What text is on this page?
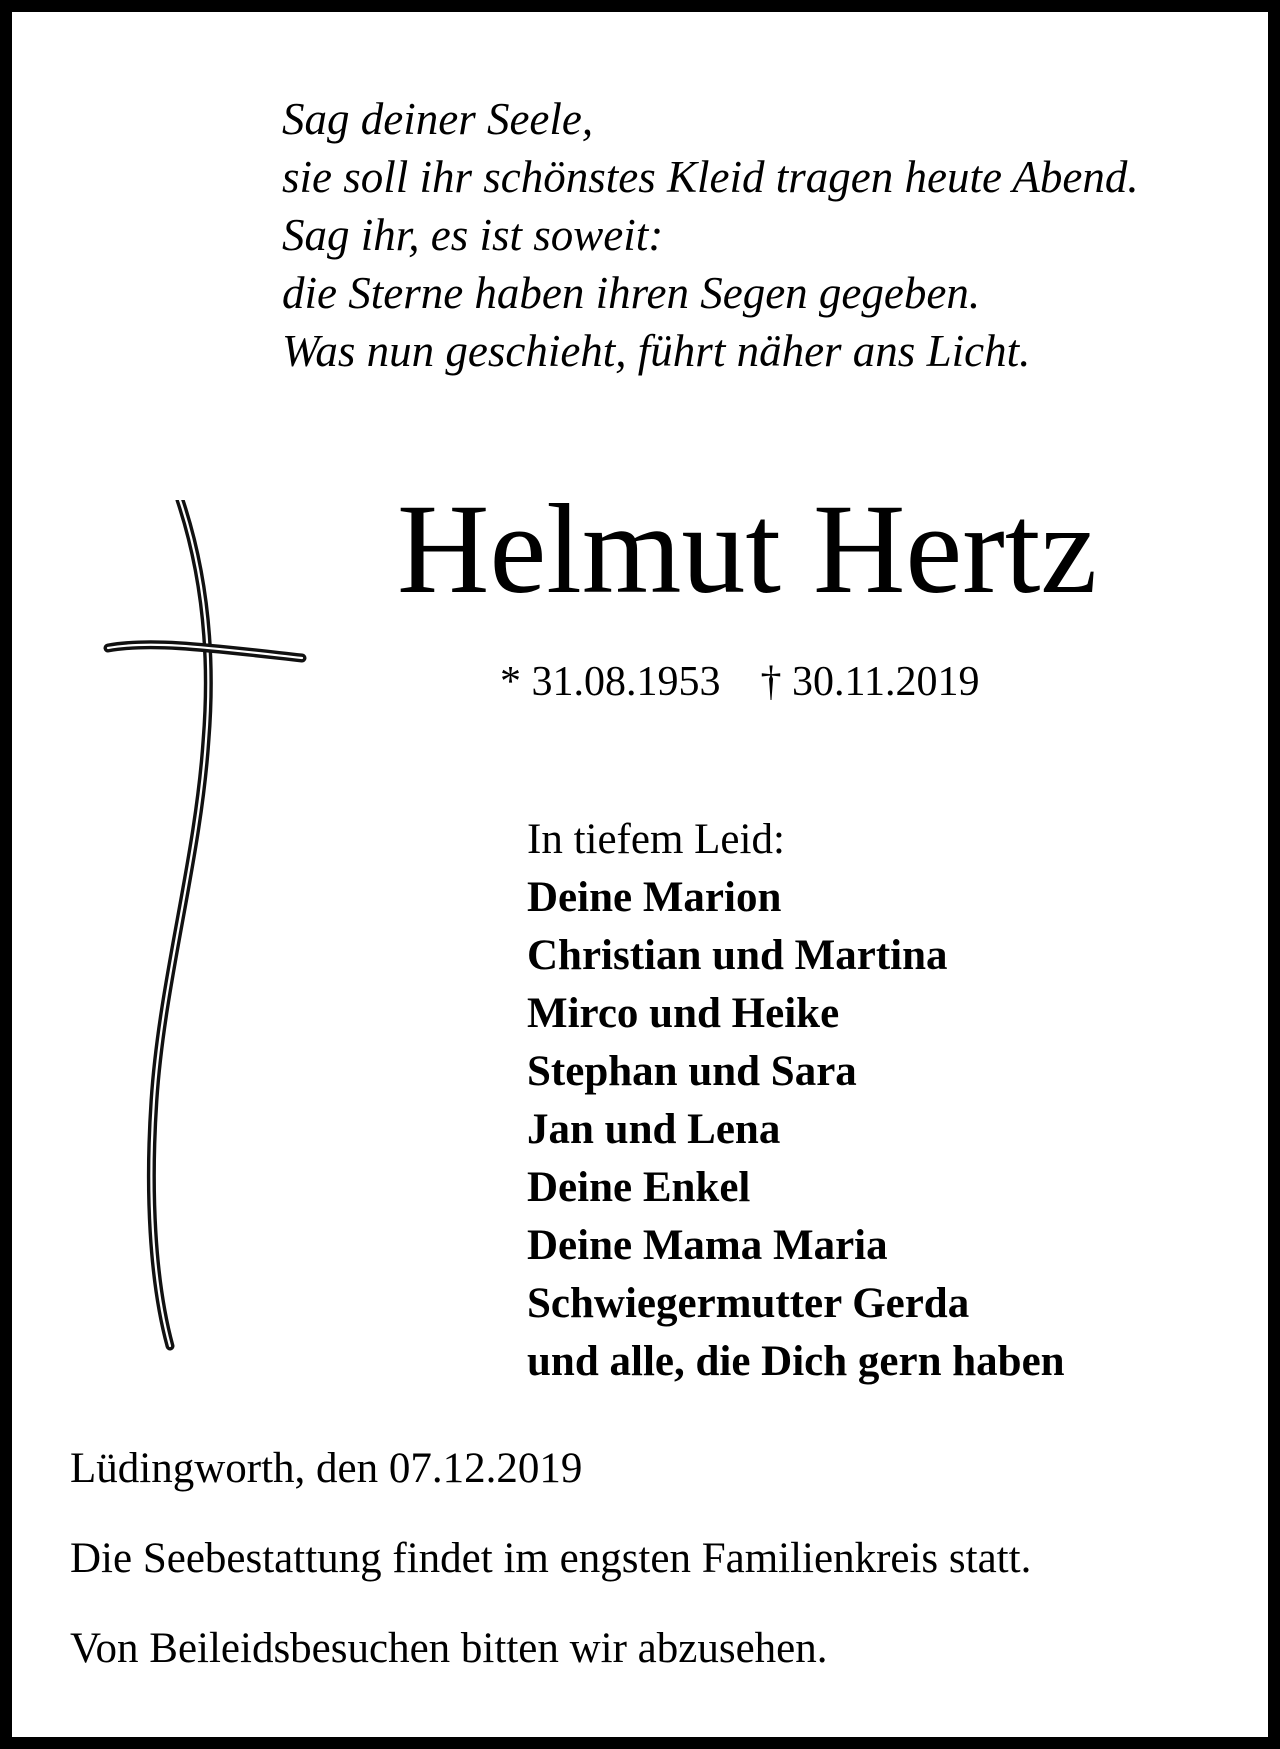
Sag deiner Seele,
sie soll ihr schönstes Kleid tragen heute Abend.
Sag ihr, es ist soweit:
die Sterne haben ihren Segen gegeben.
Was nun geschieht, führt näher ans Licht.
Helmut Hertz
* 31.08.1953 † 30.11.2019
In tiefem Leid:
Deine Marion
Christian und Martina
Mirco und Heike
Stephan und Sara
Jan und Lena
Deine Enkel
Deine Mama Maria
Schwiegermutter Gerda
und alle, die Dich gern haben
Lüdingworth, den 07.12.2019
Die Seebestattung findet im engsten Familienkreis statt.
Von Beileidsbesuchen bitten wir abzusehen.
